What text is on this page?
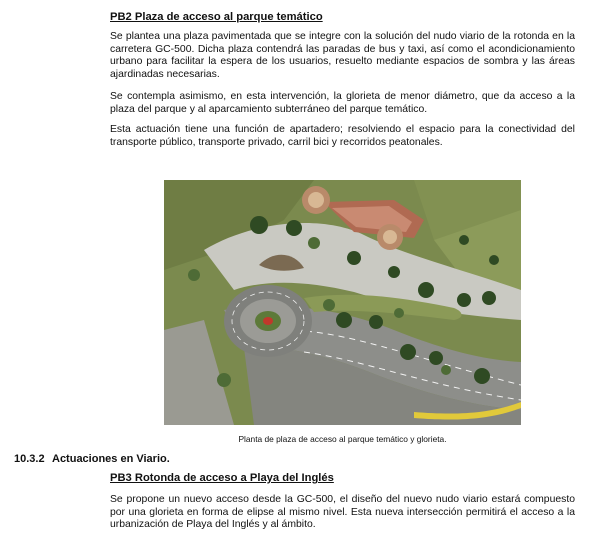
PB2 Plaza de acceso al parque temático
Se plantea una plaza pavimentada que se integre con la solución del nudo viario de la rotonda en la carretera GC-500. Dicha plaza contendrá las paradas de bus y taxi, así como el acondicionamiento urbano para facilitar la espera de los usuarios, resuelto mediante espacios de sombra y las áreas ajardinadas necesarias.
Se contempla asimismo, en esta intervención, la glorieta de menor diámetro, que da acceso a la plaza del parque y al aparcamiento subterráneo del parque temático.
Esta actuación tiene una función de apartadero; resolviendo el espacio para la conectividad del transporte público, transporte privado, carril bici y recorridos peatonales.
Planta de plaza de acceso al parque temático y glorieta.
10.3.2 Actuaciones en Viario.
PB3 Rotonda de acceso a Playa del Inglés
Se propone un nuevo acceso desde la GC-500, el diseño del nuevo nudo viario estará compuesto por una glorieta en forma de elipse al mismo nivel. Esta nueva intersección permitirá el acceso a la urbanización de Playa del Inglés y al ámbito.
